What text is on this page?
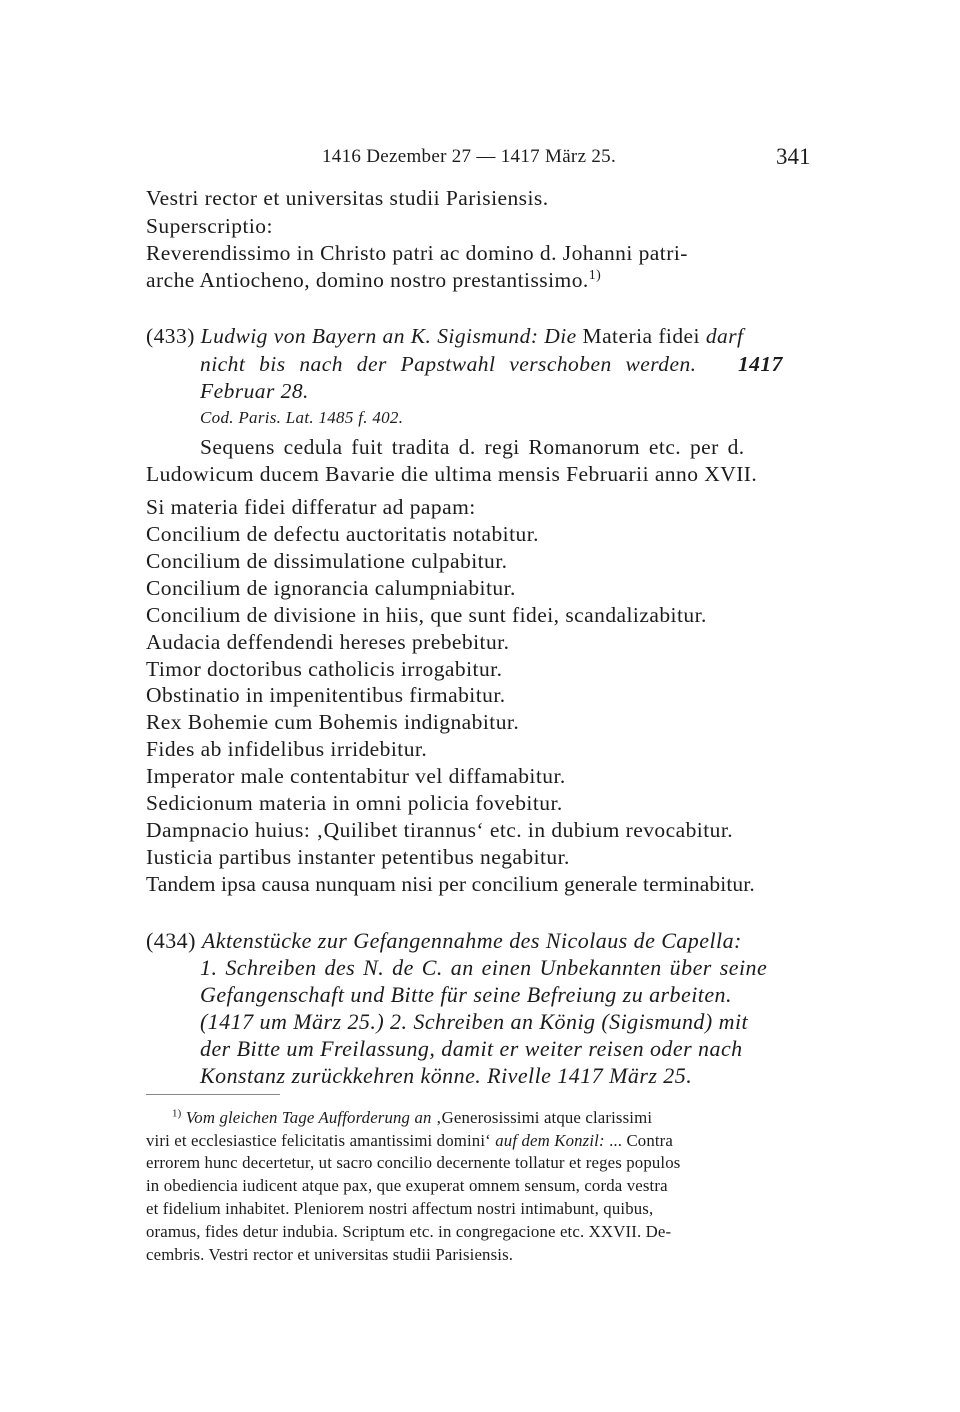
1416 Dezember 27 — 1417 März 25.	341
Vestri rector et universitas studii Parisiensis.
Superscriptio:
Reverendissimo in Christo patri ac domino d. Johanni patri-
arche Antiocheno, domino nostro prestantissimo.$^{1)}$
(433) Ludwig von Bayern an K. Sigismund: Die Materia fidei darf
nicht bis nach der Papstwahl verschoben werden. 1417
Februar 28.
Cod. Paris. Lat. 1485 f. 402.
Sequens cedula fuit tradita d. regi Romanorum etc. per d.
Ludowicum ducem Bavarie die ultima mensis Februarii anno XVII.
Si materia fidei differatur ad papam:
Concilium de defectu auctoritatis notabitur.
Concilium de dissimulatione culpabitur.
Concilium de ignorancia calumpniabitur.
Concilium de divisione in hiis, que sunt fidei, scandalizabitur.
Audacia deffendendi hereses prebebitur.
Timor doctoribus catholicis irrogabitur.
Obstinatio in impenitentibus firmabitur.
Rex Bohemie cum Bohemis indignabitur.
Fides ab infidelibus irridebitur.
Imperator male contentabitur vel diffamabitur.
Sedicionum materia in omni policia fovebitur.
Dampnacio huius: ‚Quilibet tirannus‘ etc. in dubium revocabitur.
Iusticia partibus instanter petentibus negabitur.
Tandem ipsa causa nunquam nisi per concilium generale terminabitur.
(434) Aktenstücke zur Gefangennahme des Nicolaus de Capella:
1. Schreiben des N. de C. an einen Unbekannten über seine
Gefangenschaft und Bitte für seine Befreiung zu arbeiten.
(1417 um März 25.) 2. Schreiben an König (Sigismund) mit
der Bitte um Freilassung, damit er weiter reisen oder nach
Konstanz zurückkehren könne. Rivelle 1417 März 25.
$^{1)}$ Vom gleichen Tage Aufforderung an ‚Generosissimi atque clarissimi
viri et ecclesiastice felicitatis amantissimi domini‘ auf dem Konzil: ... Contra
errorem hunc decertetur, ut sacro concilio decernente tollatur et reges populos
in obediencia iudicent atque pax, que exuperat omnem sensum, corda vestra
et fidelium inhabitet. Pleniorem nostri affectum nostri intimabunt, quibus,
oramus, fides detur indubia. Scriptum etc. in congregacione etc. XXVII. De-
cembris. Vestri rector et universitas studii Parisiensis.
